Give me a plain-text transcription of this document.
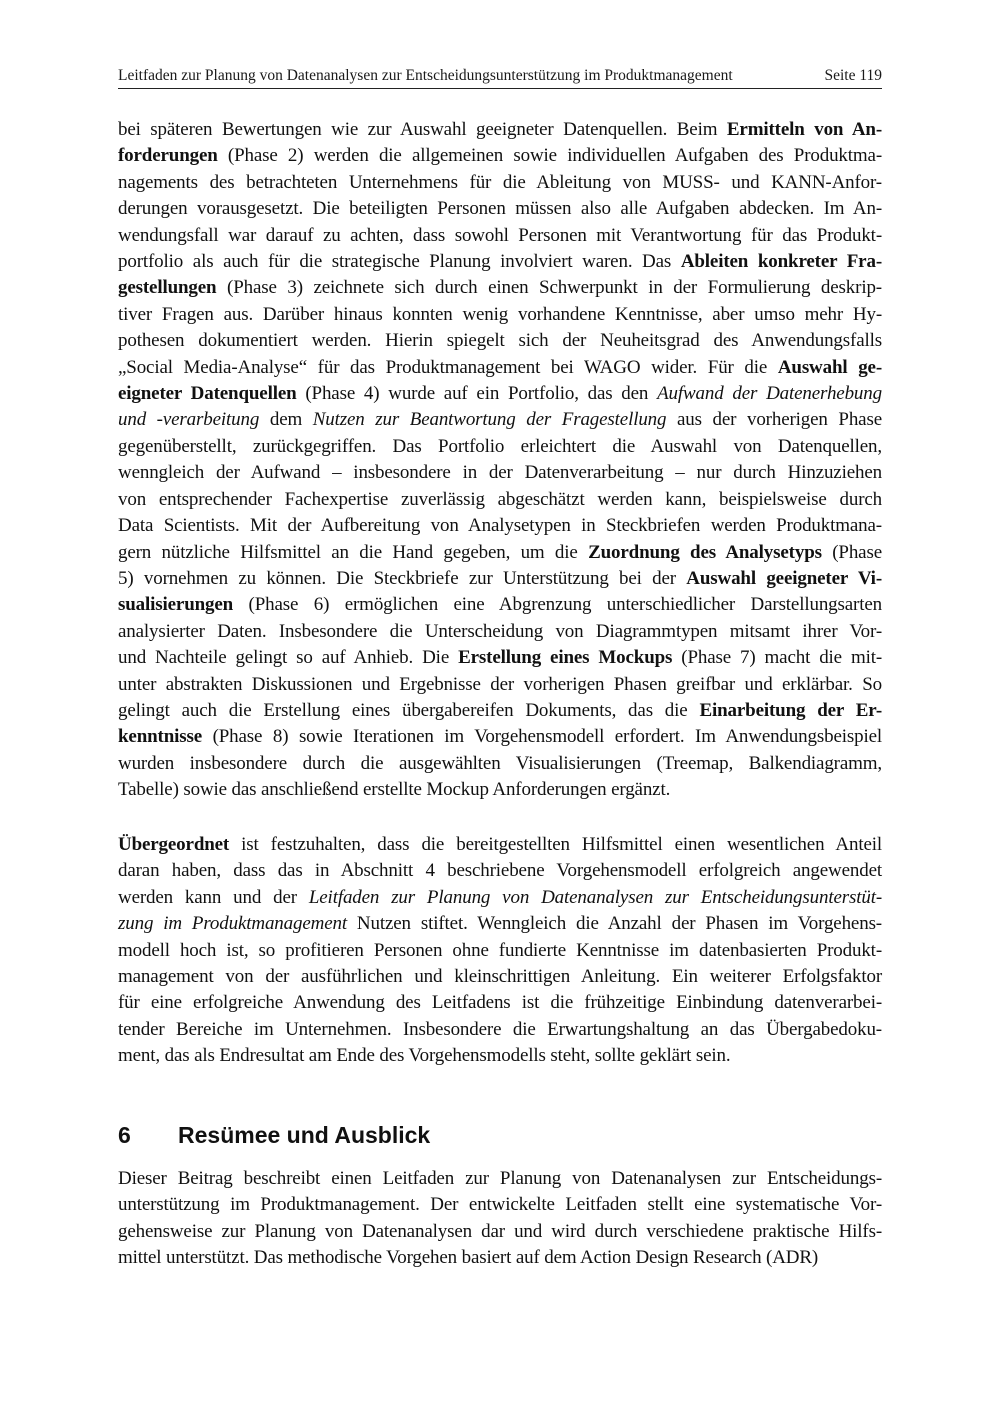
Leitfaden zur Planung von Datenanalysen zur Entscheidungsunterstützung im Produktmanagement	Seite 119

bei späteren Bewertungen wie zur Auswahl geeigneter Datenquellen. Beim Ermitteln von An-
forderungen (Phase 2) werden die allgemeinen sowie individuellen Aufgaben des Produktma-
nagements des betrachteten Unternehmens für die Ableitung von MUSS- und KANN-Anfor-
derungen vorausgesetzt. Die beteiligten Personen müssen also alle Aufgaben abdecken. Im An-
wendungsfall war darauf zu achten, dass sowohl Personen mit Verantwortung für das Produkt-
portfolio als auch für die strategische Planung involviert waren. Das Ableiten konkreter Fra-
gestellungen (Phase 3) zeichnete sich durch einen Schwerpunkt in der Formulierung deskrip-
tiver Fragen aus. Darüber hinaus konnten wenig vorhandene Kenntnisse, aber umso mehr Hy-
pothesen dokumentiert werden. Hierin spiegelt sich der Neuheitsgrad des Anwendungsfalls
„Social Media-Analyse“ für das Produktmanagement bei WAGO wider. Für die Auswahl ge-
eigneter Datenquellen (Phase 4) wurde auf ein Portfolio, das den Aufwand der Datenerhebung
und -verarbeitung dem Nutzen zur Beantwortung der Fragestellung aus der vorherigen Phase
gegenüberstellt, zurückgegriffen. Das Portfolio erleichtert die Auswahl von Datenquellen,
wenngleich der Aufwand – insbesondere in der Datenverarbeitung – nur durch Hinzuziehen
von entsprechender Fachexpertise zuverlässig abgeschätzt werden kann, beispielsweise durch
Data Scientists. Mit der Aufbereitung von Analysetypen in Steckbriefen werden Produktmana-
gern nützliche Hilfsmittel an die Hand gegeben, um die Zuordnung des Analysetyps (Phase
5) vornehmen zu können. Die Steckbriefe zur Unterstützung bei der Auswahl geeigneter Vi-
sualisierungen (Phase 6) ermöglichen eine Abgrenzung unterschiedlicher Darstellungsarten
analysierter Daten. Insbesondere die Unterscheidung von Diagrammtypen mitsamt ihrer Vor-
und Nachteile gelingt so auf Anhieb. Die Erstellung eines Mockups (Phase 7) macht die mit-
unter abstrakten Diskussionen und Ergebnisse der vorherigen Phasen greifbar und erklärbar. So
gelingt auch die Erstellung eines übergabereifen Dokuments, das die Einarbeitung der Er-
kenntnisse (Phase 8) sowie Iterationen im Vorgehensmodell erfordert. Im Anwendungsbeispiel
wurden insbesondere durch die ausgewählten Visualisierungen (Treemap, Balkendiagramm,
Tabelle) sowie das anschließend erstellte Mockup Anforderungen ergänzt.

Übergeordnet ist festzuhalten, dass die bereitgestellten Hilfsmittel einen wesentlichen Anteil
daran haben, dass das in Abschnitt 4 beschriebene Vorgehensmodell erfolgreich angewendet
werden kann und der Leitfaden zur Planung von Datenanalysen zur Entscheidungsunterstüt-
zung im Produktmanagement Nutzen stiftet. Wenngleich die Anzahl der Phasen im Vorgehens-
modell hoch ist, so profitieren Personen ohne fundierte Kenntnisse im datenbasierten Produkt-
management von der ausführlichen und kleinschrittigen Anleitung. Ein weiterer Erfolgsfaktor
für eine erfolgreiche Anwendung des Leitfadens ist die frühzeitige Einbindung datenverarbei-
tender Bereiche im Unternehmen. Insbesondere die Erwartungshaltung an das Übergabedoku-
ment, das als Endresultat am Ende des Vorgehensmodells steht, sollte geklärt sein.

6	Resümee und Ausblick

Dieser Beitrag beschreibt einen Leitfaden zur Planung von Datenanalysen zur Entscheidungs-
unterstützung im Produktmanagement. Der entwickelte Leitfaden stellt eine systematische Vor-
gehensweise zur Planung von Datenanalysen dar und wird durch verschiedene praktische Hilfs-
mittel unterstützt. Das methodische Vorgehen basiert auf dem Action Design Research (ADR)
